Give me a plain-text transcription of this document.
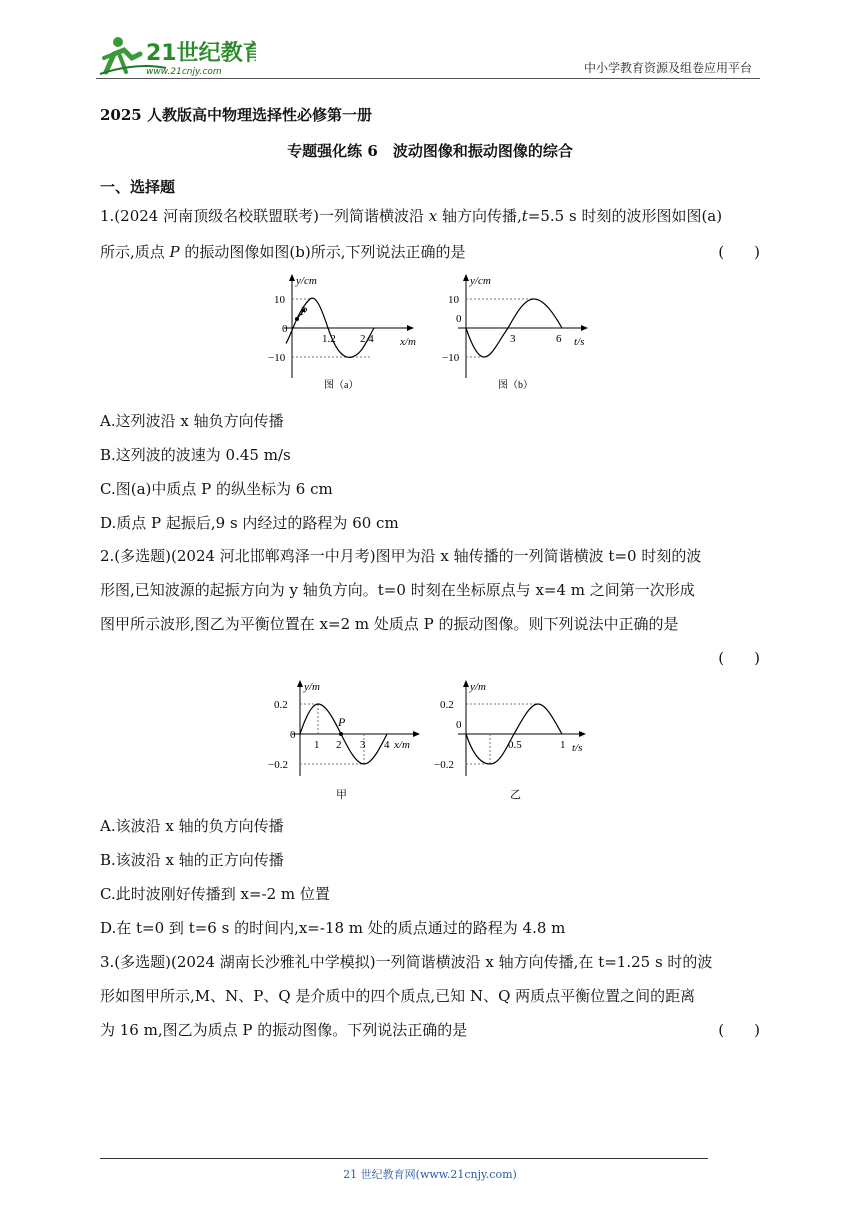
21世纪教育
www.21cnjy.com	中小学教育资源及组卷应用平台
2025 人教版高中物理选择性必修第一册
专题强化练 6　波动图像和振动图像的综合
一、选择题
1.(2024 河南顶级名校联盟联考)一列简谐横波沿 x 轴方向传播,t=5.5 s 时刻的波形图如图(a)
所示,质点 P 的振动图像如图(b)所示,下列说法正确的是	(　　)
P
y/cm
10
−10
0
1.2 2.4 x/m
图（a）
y/cm
10
−10
0
3	6 t/s
图（b）
A.这列波沿 x 轴负方向传播
B.这列波的波速为 0.45 m/s
C.图(a)中质点 P 的纵坐标为 6 cm
D.质点 P 起振后,9 s 内经过的路程为 60 cm
2.(多选题)(2024 河北邯郸鸡泽一中月考)图甲为沿 x 轴传播的一列简谐横波 t=0 时刻的波
形图,已知波源的起振方向为 y 轴负方向。t=0 时刻在坐标原点与 x=4 m 之间第一次形成
图甲所示波形,图乙为平衡位置在 x=2 m 处质点 P 的振动图像。则下列说法中正确的是
(　　)
P
y/m
0.2
−0.2
0
1 2 3 4 x/m
甲
y/m
0.2
−0.2
0
0.5	1 t/s
乙
A.该波沿 x 轴的负方向传播
B.该波沿 x 轴的正方向传播
C.此时波刚好传播到 x=-2 m 位置
D.在 t=0 到 t=6 s 的时间内,x=-18 m 处的质点通过的路程为 4.8 m
3.(多选题)(2024 湖南长沙雅礼中学模拟)一列简谐横波沿 x 轴方向传播,在 t=1.25 s 时的波
形如图甲所示,M、N、P、Q 是介质中的四个质点,已知 N、Q 两质点平衡位置之间的距离
为 16 m,图乙为质点 P 的振动图像。下列说法正确的是	(　　)
21 世纪教育网(www.21cnjy.com)
